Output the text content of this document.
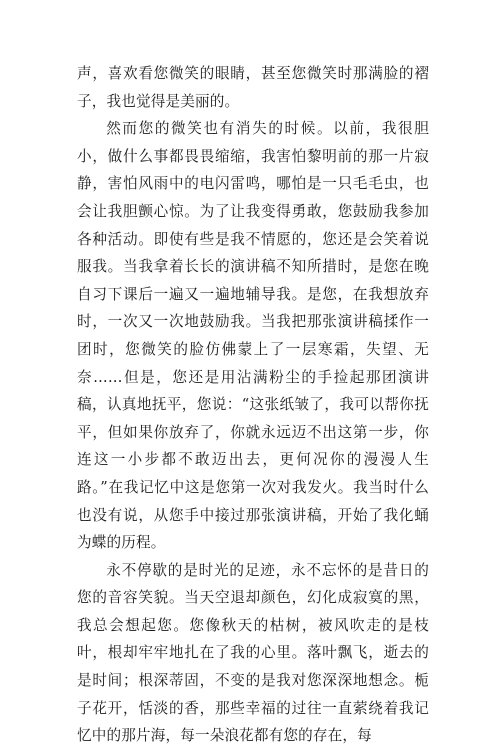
声，喜欢看您微笑的眼睛，甚至您微笑时那满脸的褶子，我也觉得是美丽的。

然而您的微笑也有消失的时候。以前，我很胆小，做什么事都畏畏缩缩，我害怕黎明前的那一片寂静，害怕风雨中的电闪雷鸣，哪怕是一只毛毛虫，也会让我胆颤心惊。为了让我变得勇敢，您鼓励我参加各种活动。即使有些是我不情愿的，您还是会笑着说服我。当我拿着长长的演讲稿不知所措时，是您在晚自习下课后一遍又一遍地辅导我。是您，在我想放弃时，一次又一次地鼓励我。当我把那张演讲稿揉作一团时，您微笑的脸仿佛蒙上了一层寒霜，失望、无奈……但是，您还是用沾满粉尘的手捡起那团演讲稿，认真地抚平，您说：“这张纸皱了，我可以帮你抚平，但如果你放弃了，你就永远迈不出这第一步，你连这一小步都不敢迈出去，更何况你的漫漫人生路。”在我记忆中这是您第一次对我发火。我当时什么也没有说，从您手中接过那张演讲稿，开始了我化蛹为蝶的历程。

永不停歇的是时光的足迹，永不忘怀的是昔日的您的音容笑貌。当天空退却颜色，幻化成寂寞的黑，我总会想起您。您像秋天的枯树，被风吹走的是枝叶，根却牢牢地扎在了我的心里。落叶飘飞，逝去的是时间；根深蒂固，不变的是我对您深深地想念。栀子花开，恬淡的香，那些幸福的过往一直萦绕着我记忆中的那片海，每一朵浪花都有您的存在，每
